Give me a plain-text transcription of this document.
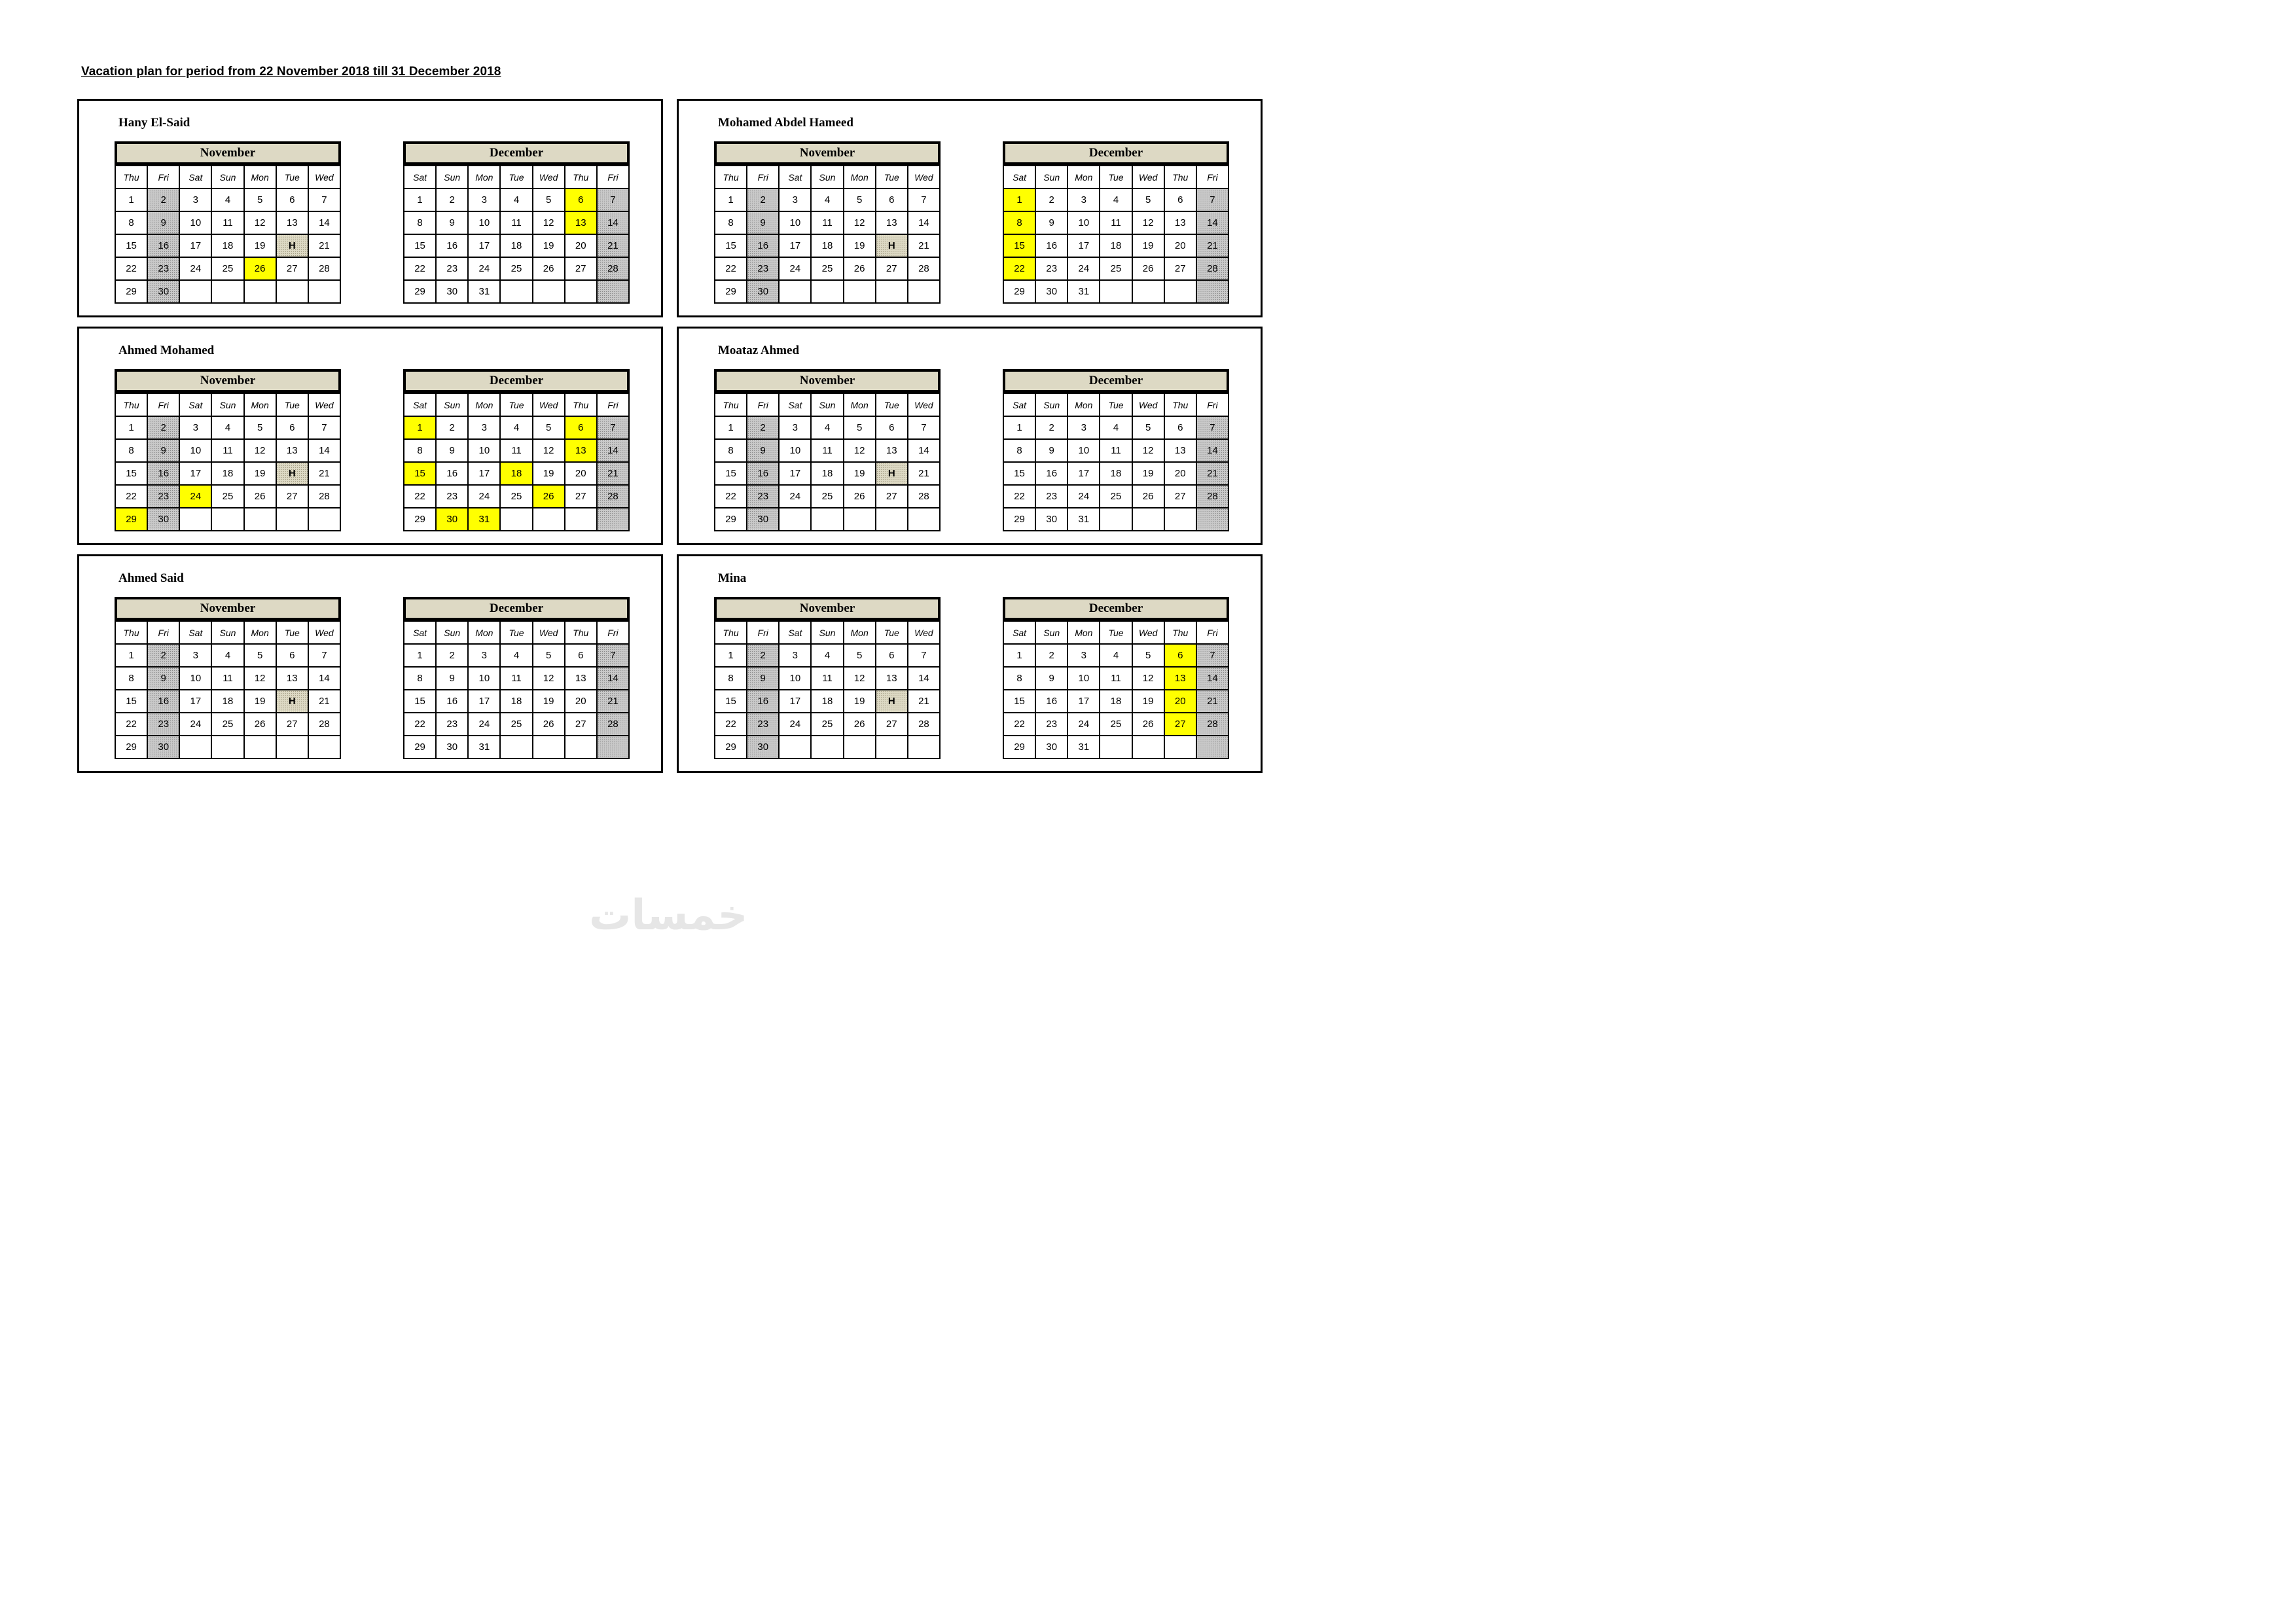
Vacation plan for period from 22 November 2018 till 31 December 2018
Hany El-Said
November
Thu	Fri	Sat	Sun	Mon	Tue	Wed
1	2	3	4	5	6	7
8	9	10	11	12	13	14
15	16	17	18	19	H	21
22	23	24	25	26	27	28
29	30					
December
Sat	Sun	Mon	Tue	Wed	Thu	Fri
1	2	3	4	5	6	7
8	9	10	11	12	13	14
15	16	17	18	19	20	21
22	23	24	25	26	27	28
29	30	31				
Mohamed Abdel Hameed
November
Thu	Fri	Sat	Sun	Mon	Tue	Wed
1	2	3	4	5	6	7
8	9	10	11	12	13	14
15	16	17	18	19	H	21
22	23	24	25	26	27	28
29	30					
December
Sat	Sun	Mon	Tue	Wed	Thu	Fri
1	2	3	4	5	6	7
8	9	10	11	12	13	14
15	16	17	18	19	20	21
22	23	24	25	26	27	28
29	30	31				
Ahmed Mohamed
November
Thu	Fri	Sat	Sun	Mon	Tue	Wed
1	2	3	4	5	6	7
8	9	10	11	12	13	14
15	16	17	18	19	H	21
22	23	24	25	26	27	28
29	30					
December
Sat	Sun	Mon	Tue	Wed	Thu	Fri
1	2	3	4	5	6	7
8	9	10	11	12	13	14
15	16	17	18	19	20	21
22	23	24	25	26	27	28
29	30	31				
Moataz Ahmed
November
Thu	Fri	Sat	Sun	Mon	Tue	Wed
1	2	3	4	5	6	7
8	9	10	11	12	13	14
15	16	17	18	19	H	21
22	23	24	25	26	27	28
29	30					
December
Sat	Sun	Mon	Tue	Wed	Thu	Fri
1	2	3	4	5	6	7
8	9	10	11	12	13	14
15	16	17	18	19	20	21
22	23	24	25	26	27	28
29	30	31				
Ahmed Said
November
Thu	Fri	Sat	Sun	Mon	Tue	Wed
1	2	3	4	5	6	7
8	9	10	11	12	13	14
15	16	17	18	19	H	21
22	23	24	25	26	27	28
29	30					
December
Sat	Sun	Mon	Tue	Wed	Thu	Fri
1	2	3	4	5	6	7
8	9	10	11	12	13	14
15	16	17	18	19	20	21
22	23	24	25	26	27	28
29	30	31				
Mina
November
Thu	Fri	Sat	Sun	Mon	Tue	Wed
1	2	3	4	5	6	7
8	9	10	11	12	13	14
15	16	17	18	19	H	21
22	23	24	25	26	27	28
29	30					
December
Sat	Sun	Mon	Tue	Wed	Thu	Fri
1	2	3	4	5	6	7
8	9	10	11	12	13	14
15	16	17	18	19	20	21
22	23	24	25	26	27	28
29	30	31				
خمسات
